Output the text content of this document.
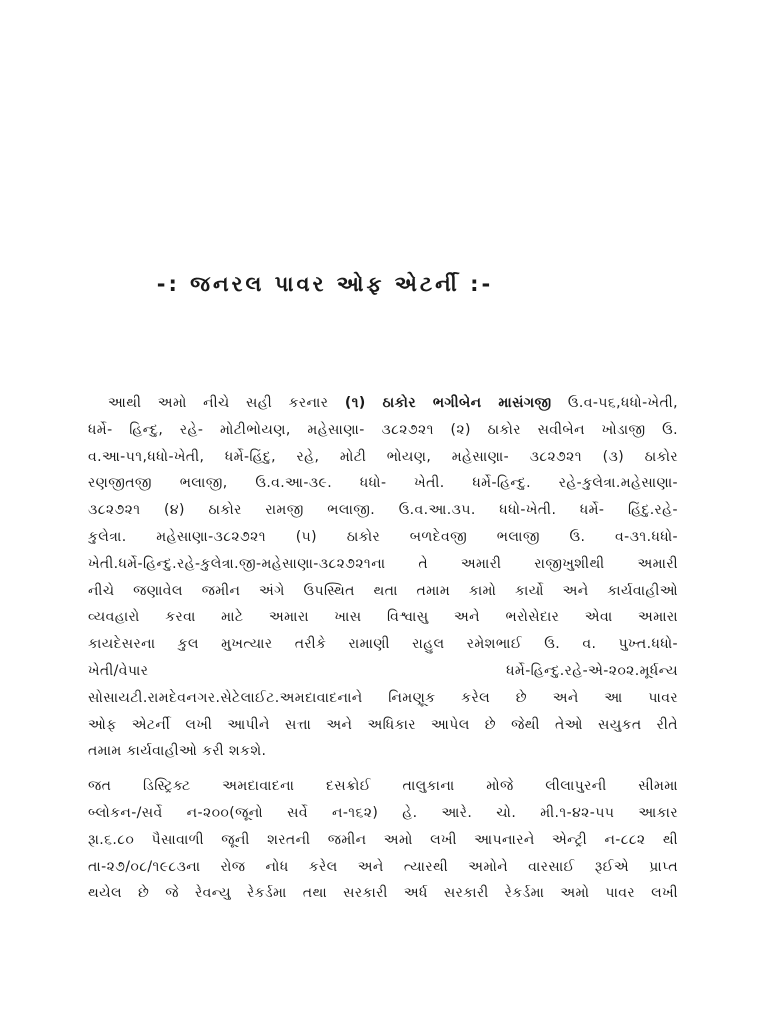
-: જનરલ પાવર ઓફ એટર્ની :-
આથી અમો નીચે સહી કરનાર (૧) ઠાકોર ભગીબેન માસંગજી ઉ.વ-૫૬,ધધો-ખેતી,
ધર્મે- હિન્દુ, રહે- મોટીભોયણ, મહેસાણા- ૩૮૨૭૨૧ (૨) ઠાકોર સવીબેન ખોડાજી ઉ.
વ.આ-૫૧,ધધો-ખેતી, ધર્મે-હિંદુ, રહે, મોટી ભોયણ, મહેસાણા- ૩૮૨૭૨૧ (૩) ઠાકોર
રણજીતજી ભલાજી, ઉ.વ.આ-૩૯. ધધો- ખેતી. ધર્મે-હિન્દુ. રહે-કુલેત્રા.મહેસાણા-
૩૮૨૭૨૧ (૪) ઠાકોર રામજી ભલાજી. ઉ.વ.આ.૩૫. ધધો-ખેતી. ધર્મે- હિંદુ.રહે-
કુલેત્રા. મહેસાણા-૩૮૨૭૨૧ (૫) ઠાકોર બળદેવજી ભલાજી ઉ. વ-૩૧.ધધો-
ખેતી.ધર્મે-હિન્દુ.રહે-કુલેત્રા.જી-મહેસાણા-૩૮૨૭૨૧ના તે અમારી રાજીખુશીથી અમારી
નીચે જણાવેલ જમીન અંગે ઉપસ્થિત થતા તમામ કામો કાર્યો અને કાર્યવાહીઓ
વ્યવહારો કરવા માટે અમારા ખાસ વિશ્વાસુ અને ભરોસેદાર એવા અમારા
કાયદેસરના કુલ મુખત્યાર તરીકે રામાણી રાહુલ રમેશભાઈ ઉ. વ. પુખ્ત.ધધો-
ખેતી/વેપાર	ધર્મે-હિન્દુ.રહે-એ-૨૦૨.મૂર્ધન્ય
સોસાયટી.રામદેવનગર.સેટેલાઈટ.અમદાવાદનાને નિમણૂક કરેલ છે અને આ પાવર
ઓફ એટર્ની લખી આપીને સત્તા અને અધિકાર આપેલ છે જેથી તેઓ સયુકત રીતે
તમામ કાર્યવાહીઓ કરી શકશે.
જત ડિસ્ટ્રિક્ટ અમદાવાદના દસક્રોઈ તાલુકાના મોજે લીલાપુરની સીમમા
બ્લોકન-/સર્વે ન-૨૦૦(જૂનો સર્વે ન-૧૬૨) હે. આરે. ચો. મી.૧-૪૨-૫૫ આકાર
રૂા.૬.૮૦ પૈસાવાળી જૂની શરતની જમીન અમો લખી આપનારને એન્ટ્રી ન-૮૮૨ થી
તા-૨૭/૦૮/૧૯૮૩ના રોજ નોધ કરેલ અને ત્યારથી અમોને વારસાઈ રૂઈએ પ્રાપ્ત
થયેલ છે જે રેવન્યુ રેકર્ડમા તથા સરકારી અર્ધ સરકારી રેકર્ડમા અમો પાવર લખી
